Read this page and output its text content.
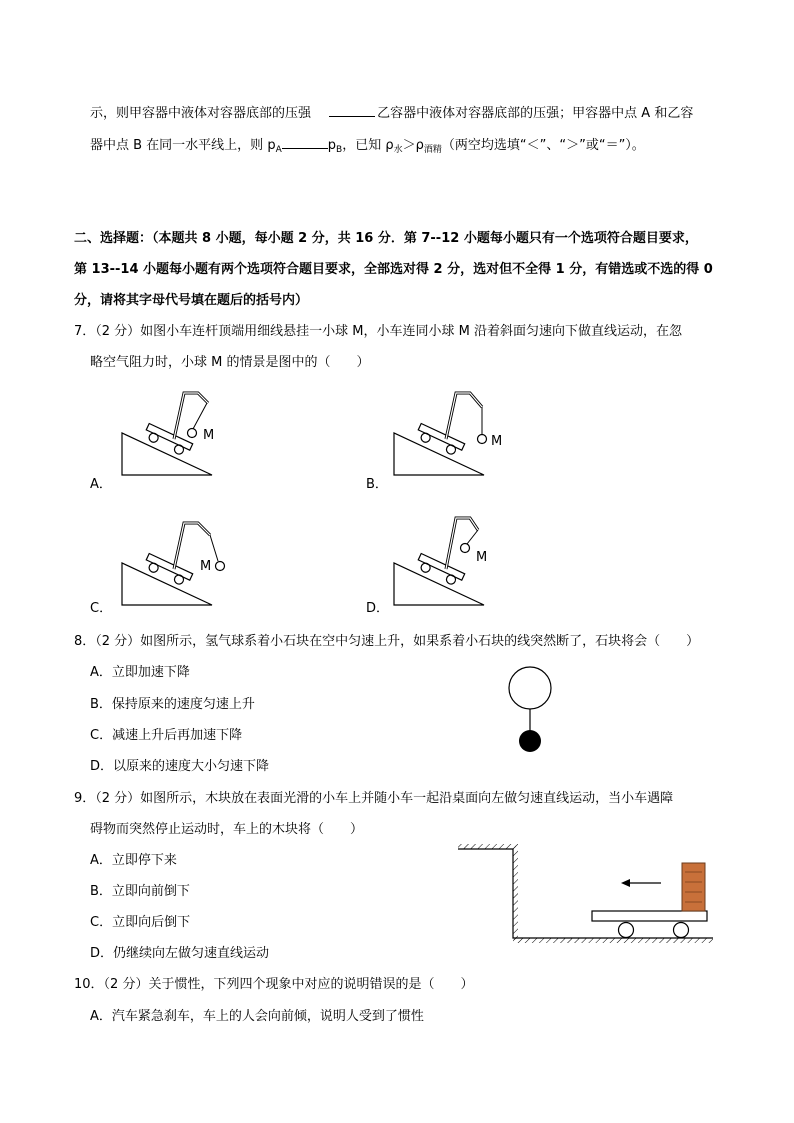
示，则甲容器中液体对容器底部的压强	乙容器中液体对容器底部的压强；甲容器中点 A 和乙容
器中点 B 在同一水平线上，则 $p_A$	$p_B$，已知 $\rho_水>\rho_{酒精}$（两空均选填“＜”、“＞”或“＝”）。
二、选择题：（本题共 8 小题，每小题 2 分，共 16 分．第 7--12 小题每小题只有一个选项符合题目要求，
第 13--14 小题每小题有两个选项符合题目要求，全部选对得 2 分，选对但不全得 1 分，有错选或不选的得 0
分，请将其字母代号填在题后的括号内）
7．（2 分）如图小车连杆顶端用细线悬挂一小球 M，小车连同小球 M 沿着斜面匀速向下做直线运动，在忽
略空气阻力时，小球 M 的情景是图中的（　　）
M
A．
M
B．
M
C．
M
D．
8．（2 分）如图所示，氢气球系着小石块在空中匀速上升，如果系着小石块的线突然断了，石块将会（　　）
A．立即加速下降
B．保持原来的速度匀速上升
C．减速上升后再加速下降
D．以原来的速度大小匀速下降
9．（2 分）如图所示，木块放在表面光滑的小车上并随小车一起沿桌面向左做匀速直线运动，当小车遇障
碍物而突然停止运动时，车上的木块将（　　）
A．立即停下来
B．立即向前倒下
C．立即向后倒下
D．仍继续向左做匀速直线运动
10．（2 分）关于惯性，下列四个现象中对应的说明错误的是（　　）
A．汽车紧急刹车，车上的人会向前倾，说明人受到了惯性
